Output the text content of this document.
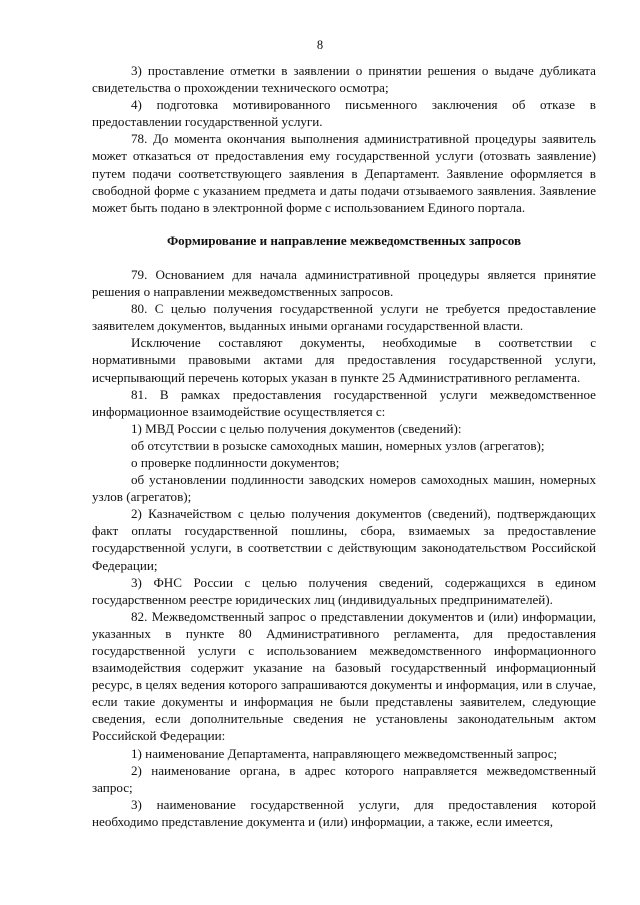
8

3) проставление отметки в заявлении о принятии решения о выдаче дубликата свидетельства о прохождении технического осмотра;

4) подготовка мотивированного письменного заключения об отказе в предоставлении государственной услуги.

78. До момента окончания выполнения административной процедуры заявитель может отказаться от предоставления ему государственной услуги (отозвать заявление) путем подачи соответствующего заявления в Департамент. Заявление оформляется в свободной форме с указанием предмета и даты подачи отзываемого заявления. Заявление может быть подано в электронной форме с использованием Единого портала.

Формирование и направление межведомственных запросов

79. Основанием для начала административной процедуры является принятие решения о направлении межведомственных запросов.

80. С целью получения государственной услуги не требуется предоставление заявителем документов, выданных иными органами государственной власти.

Исключение составляют документы, необходимые в соответствии с нормативными правовыми актами для предоставления государственной услуги, исчерпывающий перечень которых указан в пункте 25 Административного регламента.

81. В рамках предоставления государственной услуги межведомственное информационное взаимодействие осуществляется с:

1) МВД России с целью получения документов (сведений):

об отсутствии в розыске самоходных машин, номерных узлов (агрегатов);

о проверке подлинности документов;

об установлении подлинности заводских номеров самоходных машин, номерных узлов (агрегатов);

2) Казначейством с целью получения документов (сведений), подтверждающих факт оплаты государственной пошлины, сбора, взимаемых за предоставление государственной услуги, в соответствии с действующим законодательством Российской Федерации;

3) ФНС России с целью получения сведений, содержащихся в едином государственном реестре юридических лиц (индивидуальных предпринимателей).

82. Межведомственный запрос о представлении документов и (или) информации, указанных в пункте 80 Административного регламента, для предоставления государственной услуги с использованием межведомственного информационного взаимодействия содержит указание на базовый государственный информационный ресурс, в целях ведения которого запрашиваются документы и информация, или в случае, если такие документы и информация не были представлены заявителем, следующие сведения, если дополнительные сведения не установлены законодательным актом Российской Федерации:

1) наименование Департамента, направляющего межведомственный запрос;

2) наименование органа, в адрес которого направляется межведомственный запрос;

3) наименование государственной услуги, для предоставления которой необходимо представление документа и (или) информации, а также, если имеется,
